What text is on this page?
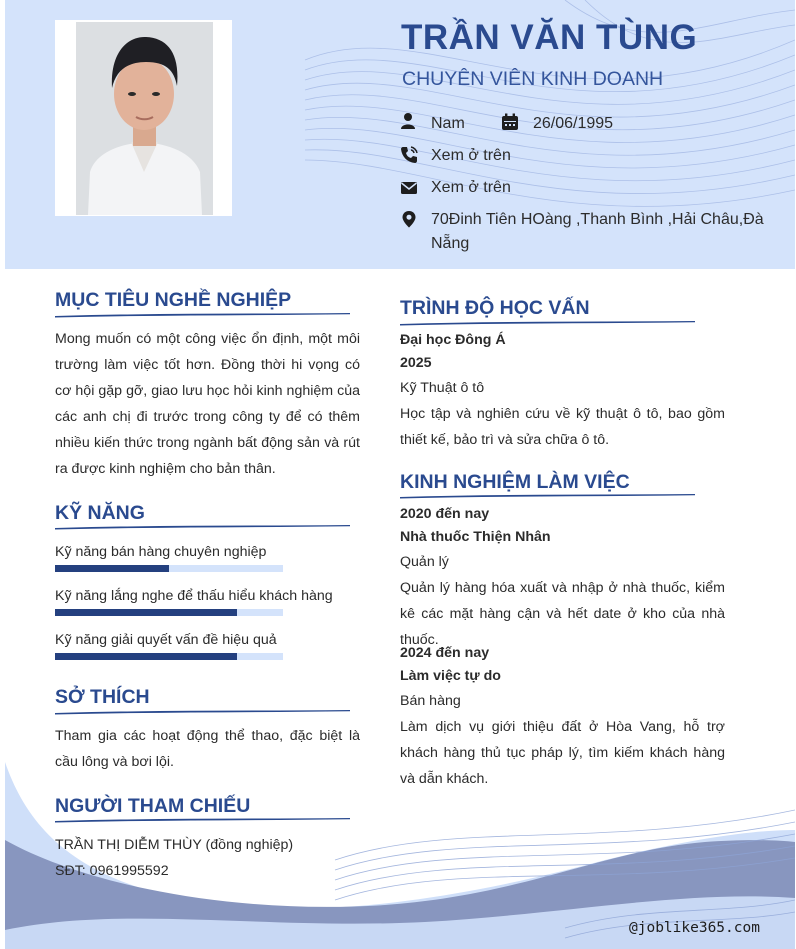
TRẦN VĂN TÙNG
CHUYÊN VIÊN KINH DOANH
Nam	26/06/1995
Xem ở trên
Xem ở trên
70Đinh Tiên HOàng ,Thanh Bình ,Hải Châu,Đà
Nẵng
MỤC TIÊU NGHỀ NGHIỆP
Mong muốn có một công việc ổn định, một môi trường làm việc tốt hơn. Đồng thời hi vọng có cơ hội gặp gỡ, giao lưu học hỏi kinh nghiệm của các anh chị đi trước trong công ty để có thêm nhiều kiến thức trong ngành bất động sản và rút ra được kinh nghiệm cho bản thân.
KỸ NĂNG
Kỹ năng bán hàng chuyên nghiệp
Kỹ năng lắng nghe để thấu hiểu khách hàng
Kỹ năng giải quyết vấn đề hiệu quả
SỞ THÍCH
Tham gia các hoạt động thể thao, đặc biệt là cầu lông và bơi lội.
NGƯỜI THAM CHIẾU
TRẦN THỊ DIỄM THÙY (đồng nghiệp)
SĐT: 0961995592
TRÌNH ĐỘ HỌC VẤN
Đại học Đông Á
2025
Kỹ Thuật ô tô
Học tập và nghiên cứu về kỹ thuật ô tô, bao gồm thiết kế, bảo trì và sửa chữa ô tô.
KINH NGHIỆM LÀM VIỆC
2020 đến nay
Nhà thuốc Thiện Nhân
Quản lý
Quản lý hàng hóa xuất và nhập ở nhà thuốc, kiểm kê các mặt hàng cận và hết date ở kho của nhà thuốc.
2024 đến nay
Làm việc tự do
Bán hàng
Làm dịch vụ giới thiệu đất ở Hòa Vang, hỗ trợ khách hàng thủ tục pháp lý, tìm kiếm khách hàng và dẫn khách.
@joblike365.com
